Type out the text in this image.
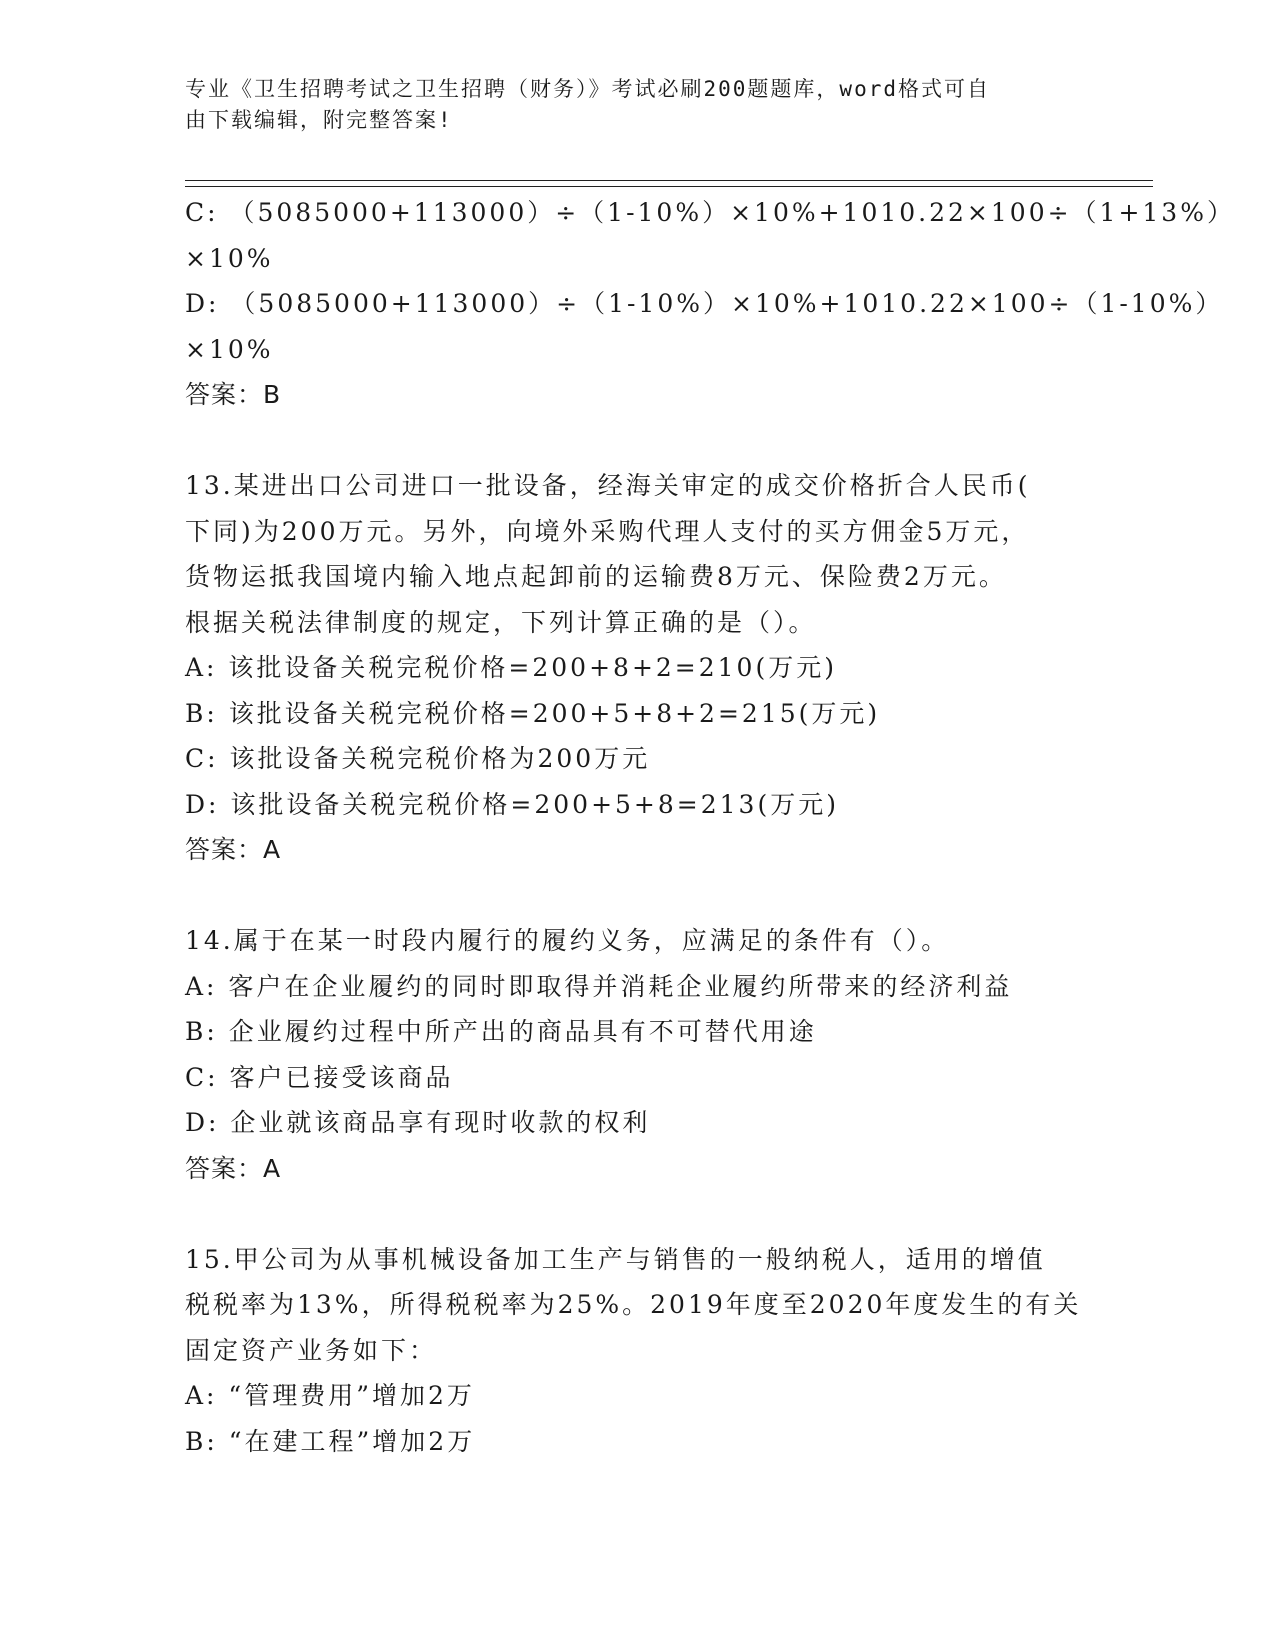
专业《卫生招聘考试之卫生招聘（财务）》考试必刷200题题库，word格式可自
由下载编辑，附完整答案!
C: （5085000+113000）÷（1-10%）×10%+1010.22×100÷（1+13%）
×10%
D: （5085000+113000）÷（1-10%）×10%+1010.22×100÷（1-10%）
×10%
答案：B
13.某进出口公司进口一批设备，经海关审定的成交价格折合人民币(
下同)为200万元。另外，向境外采购代理人支付的买方佣金5万元，
货物运抵我国境内输入地点起卸前的运输费8万元、保险费2万元。
根据关税法律制度的规定，下列计算正确的是（）。
A: 该批设备关税完税价格=200+8+2=210(万元)
B: 该批设备关税完税价格=200+5+8+2=215(万元)
C: 该批设备关税完税价格为200万元
D: 该批设备关税完税价格=200+5+8=213(万元)
答案：A
14.属于在某一时段内履行的履约义务，应满足的条件有（）。
A: 客户在企业履约的同时即取得并消耗企业履约所带来的经济利益
B: 企业履约过程中所产出的商品具有不可替代用途
C: 客户已接受该商品
D: 企业就该商品享有现时收款的权利
答案：A
15.甲公司为从事机械设备加工生产与销售的一般纳税人，适用的增值
税税率为13%，所得税税率为25%。2019年度至2020年度发生的有关
固定资产业务如下：
A: “管理费用”增加2万
B: “在建工程”增加2万
